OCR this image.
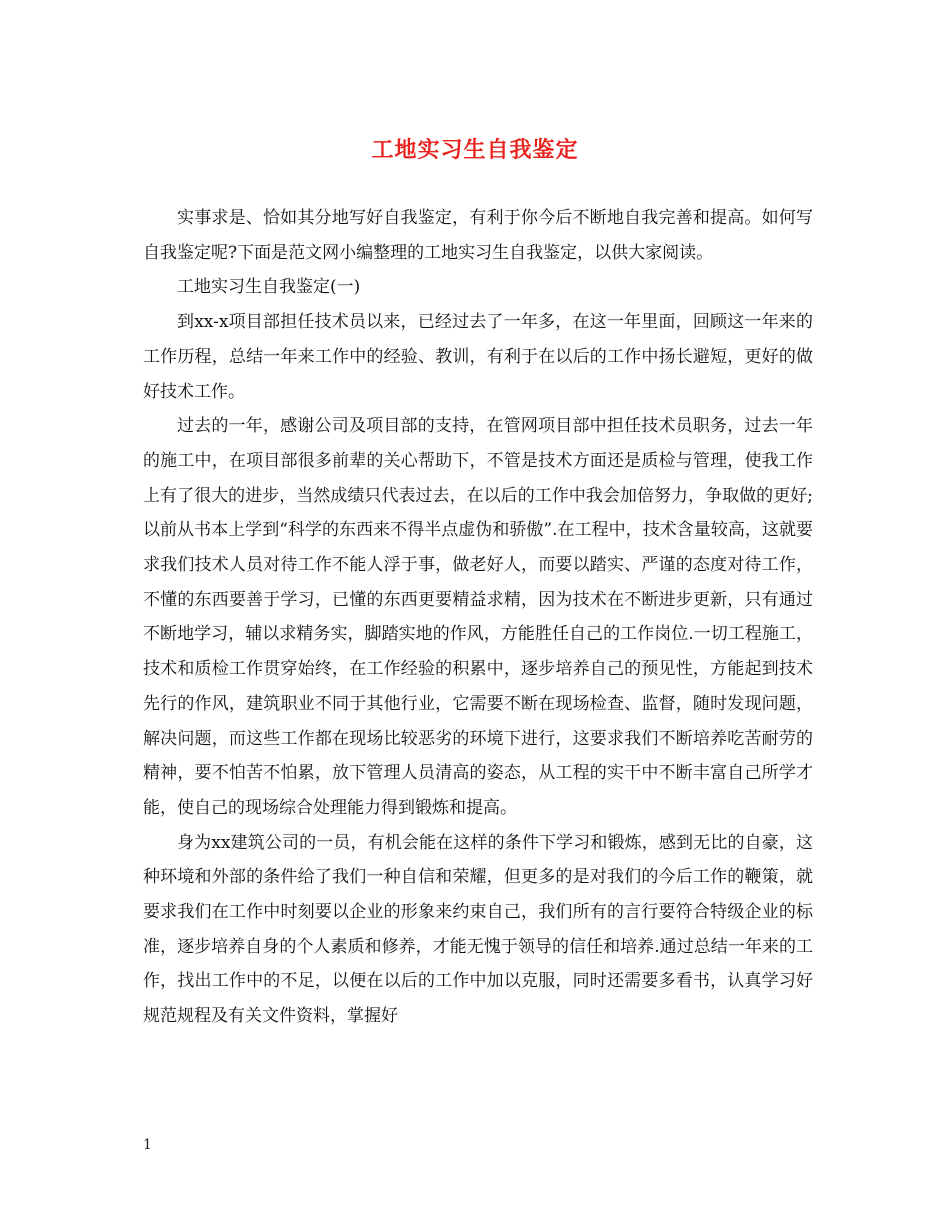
工地实习生自我鉴定

实事求是、恰如其分地写好自我鉴定，有利于你今后不断地自我完善和提高。如何写自我鉴定呢?下面是范文网小编整理的工地实习生自我鉴定，以供大家阅读。

工地实习生自我鉴定(一)

到xx-x项目部担任技术员以来，已经过去了一年多，在这一年里面，回顾这一年来的工作历程，总结一年来工作中的经验、教训，有利于在以后的工作中扬长避短，更好的做好技术工作。

过去的一年，感谢公司及项目部的支持，在管网项目部中担任技术员职务，过去一年的施工中，在项目部很多前辈的关心帮助下，不管是技术方面还是质检与管理，使我工作上有了很大的进步，当然成绩只代表过去，在以后的工作中我会加倍努力，争取做的更好;以前从书本上学到“科学的东西来不得半点虚伪和骄傲”.在工程中，技术含量较高，这就要求我们技术人员对待工作不能人浮于事，做老好人，而要以踏实、严谨的态度对待工作，不懂的东西要善于学习，已懂的东西更要精益求精，因为技术在不断进步更新，只有通过不断地学习，辅以求精务实，脚踏实地的作风，方能胜任自己的工作岗位.一切工程施工，技术和质检工作贯穿始终，在工作经验的积累中，逐步培养自己的预见性，方能起到技术先行的作风，建筑职业不同于其他行业，它需要不断在现场检查、监督，随时发现问题，解决问题，而这些工作都在现场比较恶劣的环境下进行，这要求我们不断培养吃苦耐劳的精神，要不怕苦不怕累，放下管理人员清高的姿态，从工程的实干中不断丰富自己所学才能，使自己的现场综合处理能力得到锻炼和提高。

身为xx建筑公司的一员，有机会能在这样的条件下学习和锻炼，感到无比的自豪，这种环境和外部的条件给了我们一种自信和荣耀，但更多的是对我们的今后工作的鞭策，就要求我们在工作中时刻要以企业的形象来约束自己，我们所有的言行要符合特级企业的标准，逐步培养自身的个人素质和修养，才能无愧于领导的信任和培养.通过总结一年来的工作，找出工作中的不足，以便在以后的工作中加以克服，同时还需要多看书，认真学习好规范规程及有关文件资料，掌握好

1
